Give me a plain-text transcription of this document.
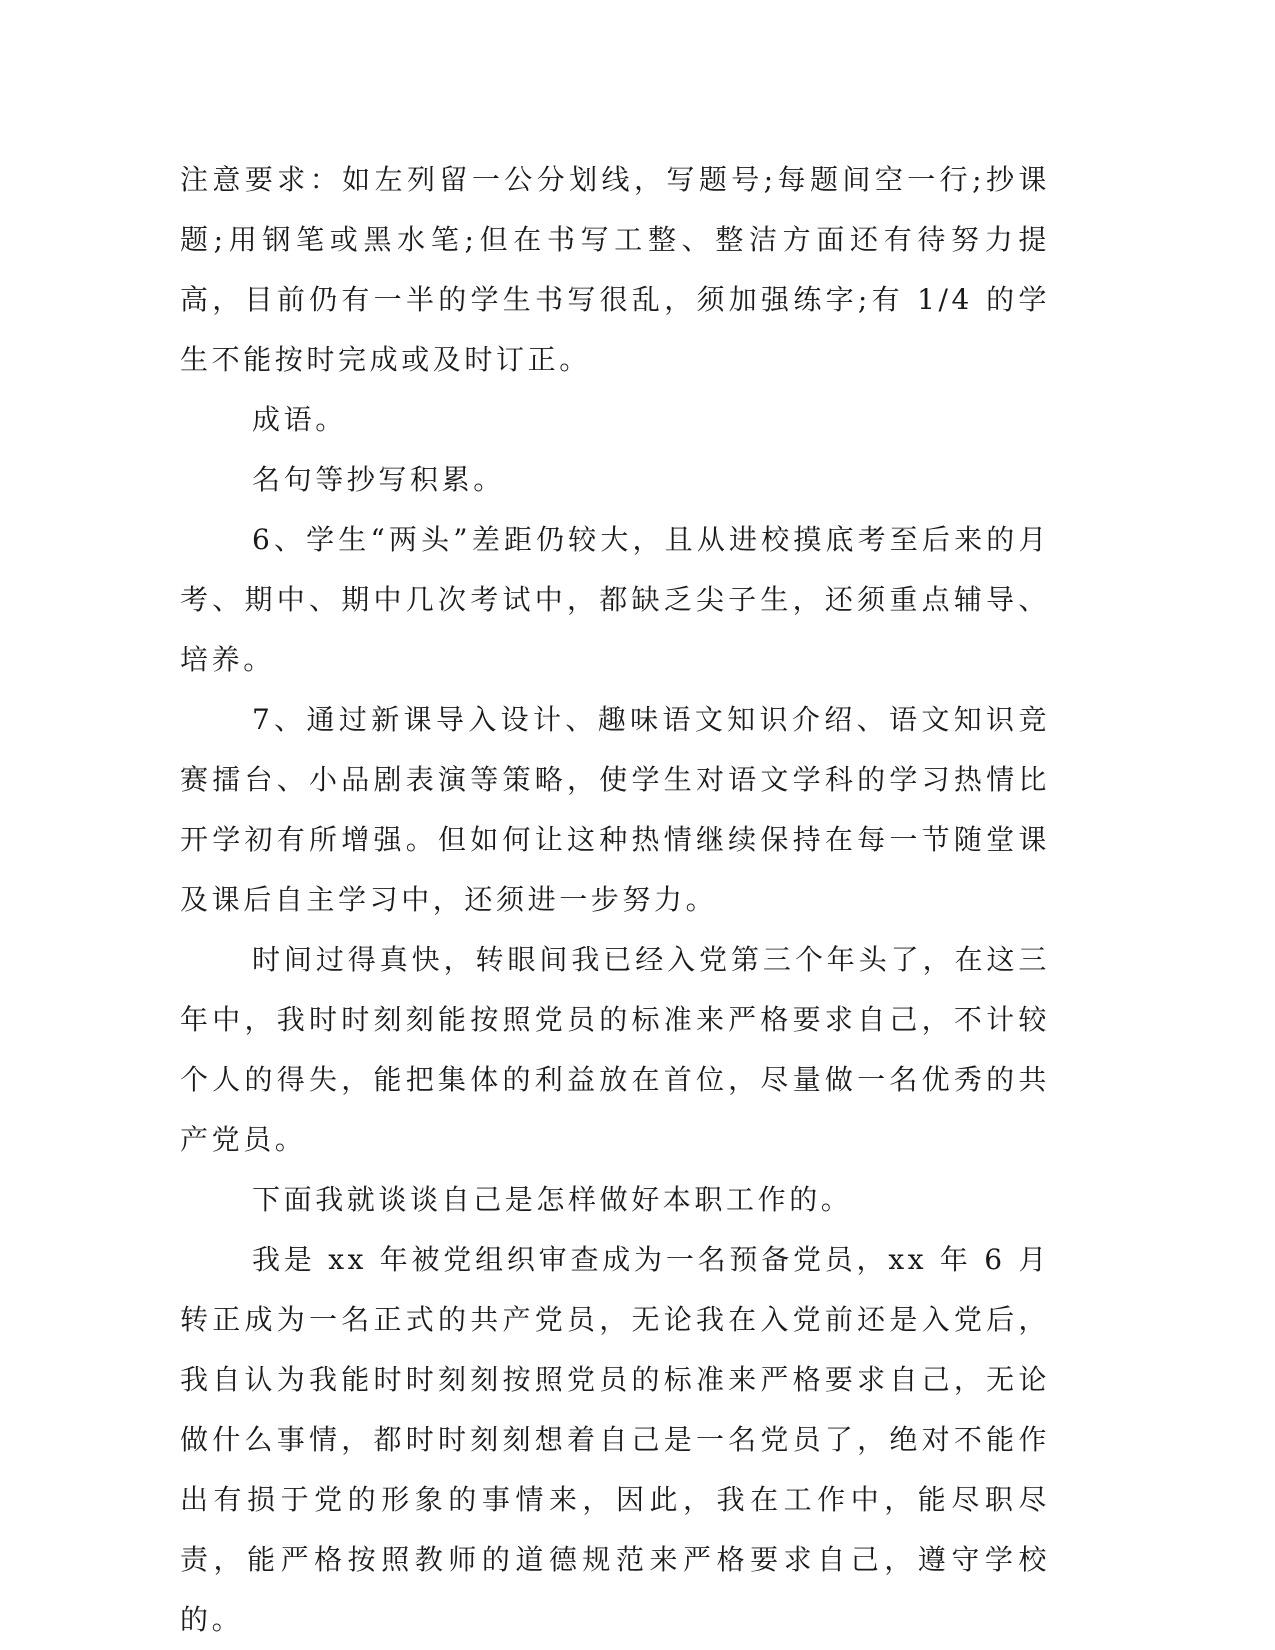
注意要求：如左列留一公分划线，写题号;每题间空一行;抄课题;用钢笔或黑水笔;但在书写工整、整洁方面还有待努力提高，目前仍有一半的学生书写很乱，须加强练字;有 1/4 的学生不能按时完成或及时订正。

成语。

名句等抄写积累。

6、学生“两头”差距仍较大，且从进校摸底考至后来的月考、期中、期中几次考试中，都缺乏尖子生，还须重点辅导、培养。

7、通过新课导入设计、趣味语文知识介绍、语文知识竞赛擂台、小品剧表演等策略，使学生对语文学科的学习热情比开学初有所增强。但如何让这种热情继续保持在每一节随堂课及课后自主学习中，还须进一步努力。

时间过得真快，转眼间我已经入党第三个年头了，在这三年中，我时时刻刻能按照党员的标准来严格要求自己，不计较个人的得失，能把集体的利益放在首位，尽量做一名优秀的共产党员。

下面我就谈谈自己是怎样做好本职工作的。

我是 xx 年被党组织审查成为一名预备党员，xx 年 6 月转正成为一名正式的共产党员，无论我在入党前还是入党后，我自认为我能时时刻刻按照党员的标准来严格要求自己，无论做什么事情，都时时刻刻想着自己是一名党员了，绝对不能作出有损于党的形象的事情来，因此，我在工作中，能尽职尽责，能严格按照教师的道德规范来严格要求自己，遵守学校的。
